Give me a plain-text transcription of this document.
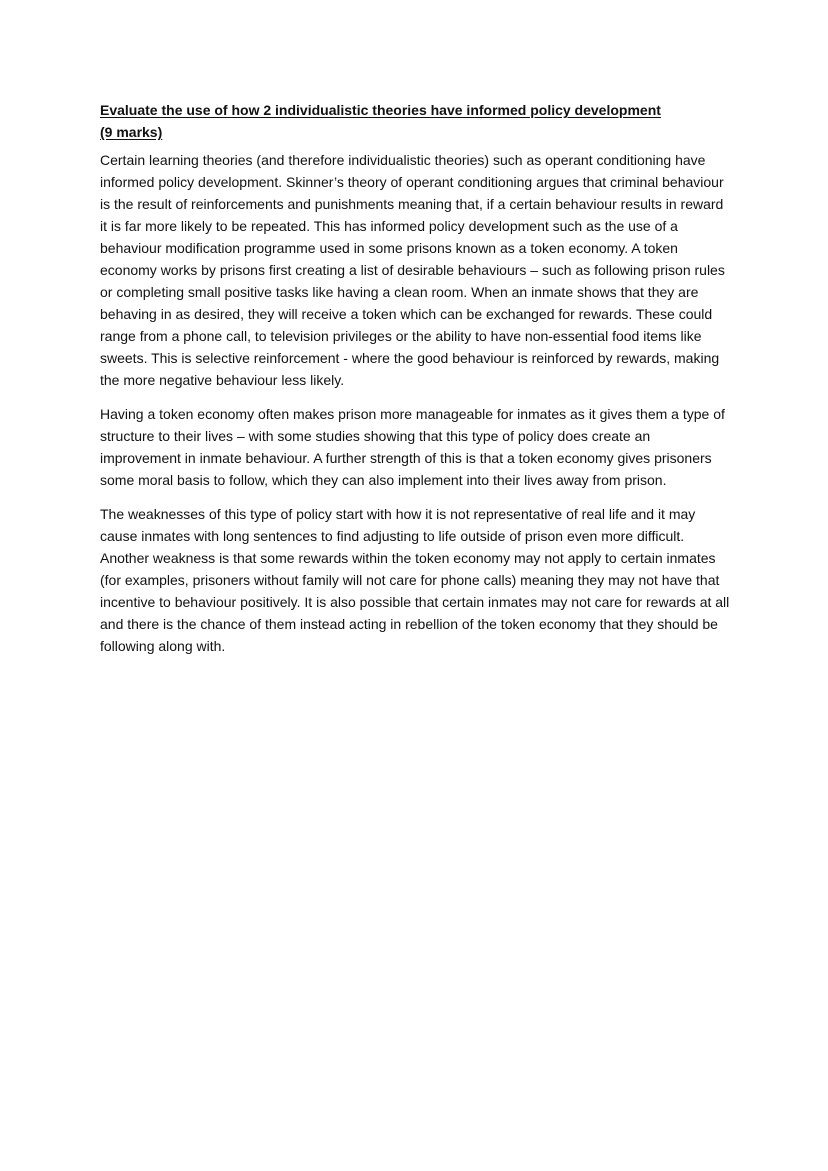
Evaluate the use of how 2 individualistic theories have informed policy development
(9 marks)

Certain learning theories (and therefore individualistic theories) such as operant conditioning have informed policy development. Skinner’s theory of operant conditioning argues that criminal behaviour is the result of reinforcements and punishments meaning that, if a certain behaviour results in reward it is far more likely to be repeated. This has informed policy development such as the use of a behaviour modification programme used in some prisons known as a token economy. A token economy works by prisons first creating a list of desirable behaviours – such as following prison rules or completing small positive tasks like having a clean room. When an inmate shows that they are behaving in as desired, they will receive a token which can be exchanged for rewards. These could range from a phone call, to television privileges or the ability to have non-essential food items like sweets. This is selective reinforcement - where the good behaviour is reinforced by rewards, making the more negative behaviour less likely.

Having a token economy often makes prison more manageable for inmates as it gives them a type of structure to their lives – with some studies showing that this type of policy does create an improvement in inmate behaviour. A further strength of this is that a token economy gives prisoners some moral basis to follow, which they can also implement into their lives away from prison.

The weaknesses of this type of policy start with how it is not representative of real life and it may cause inmates with long sentences to find adjusting to life outside of prison even more difficult. Another weakness is that some rewards within the token economy may not apply to certain inmates (for examples, prisoners without family will not care for phone calls) meaning they may not have that incentive to behaviour positively. It is also possible that certain inmates may not care for rewards at all and there is the chance of them instead acting in rebellion of the token economy that they should be following along with.
